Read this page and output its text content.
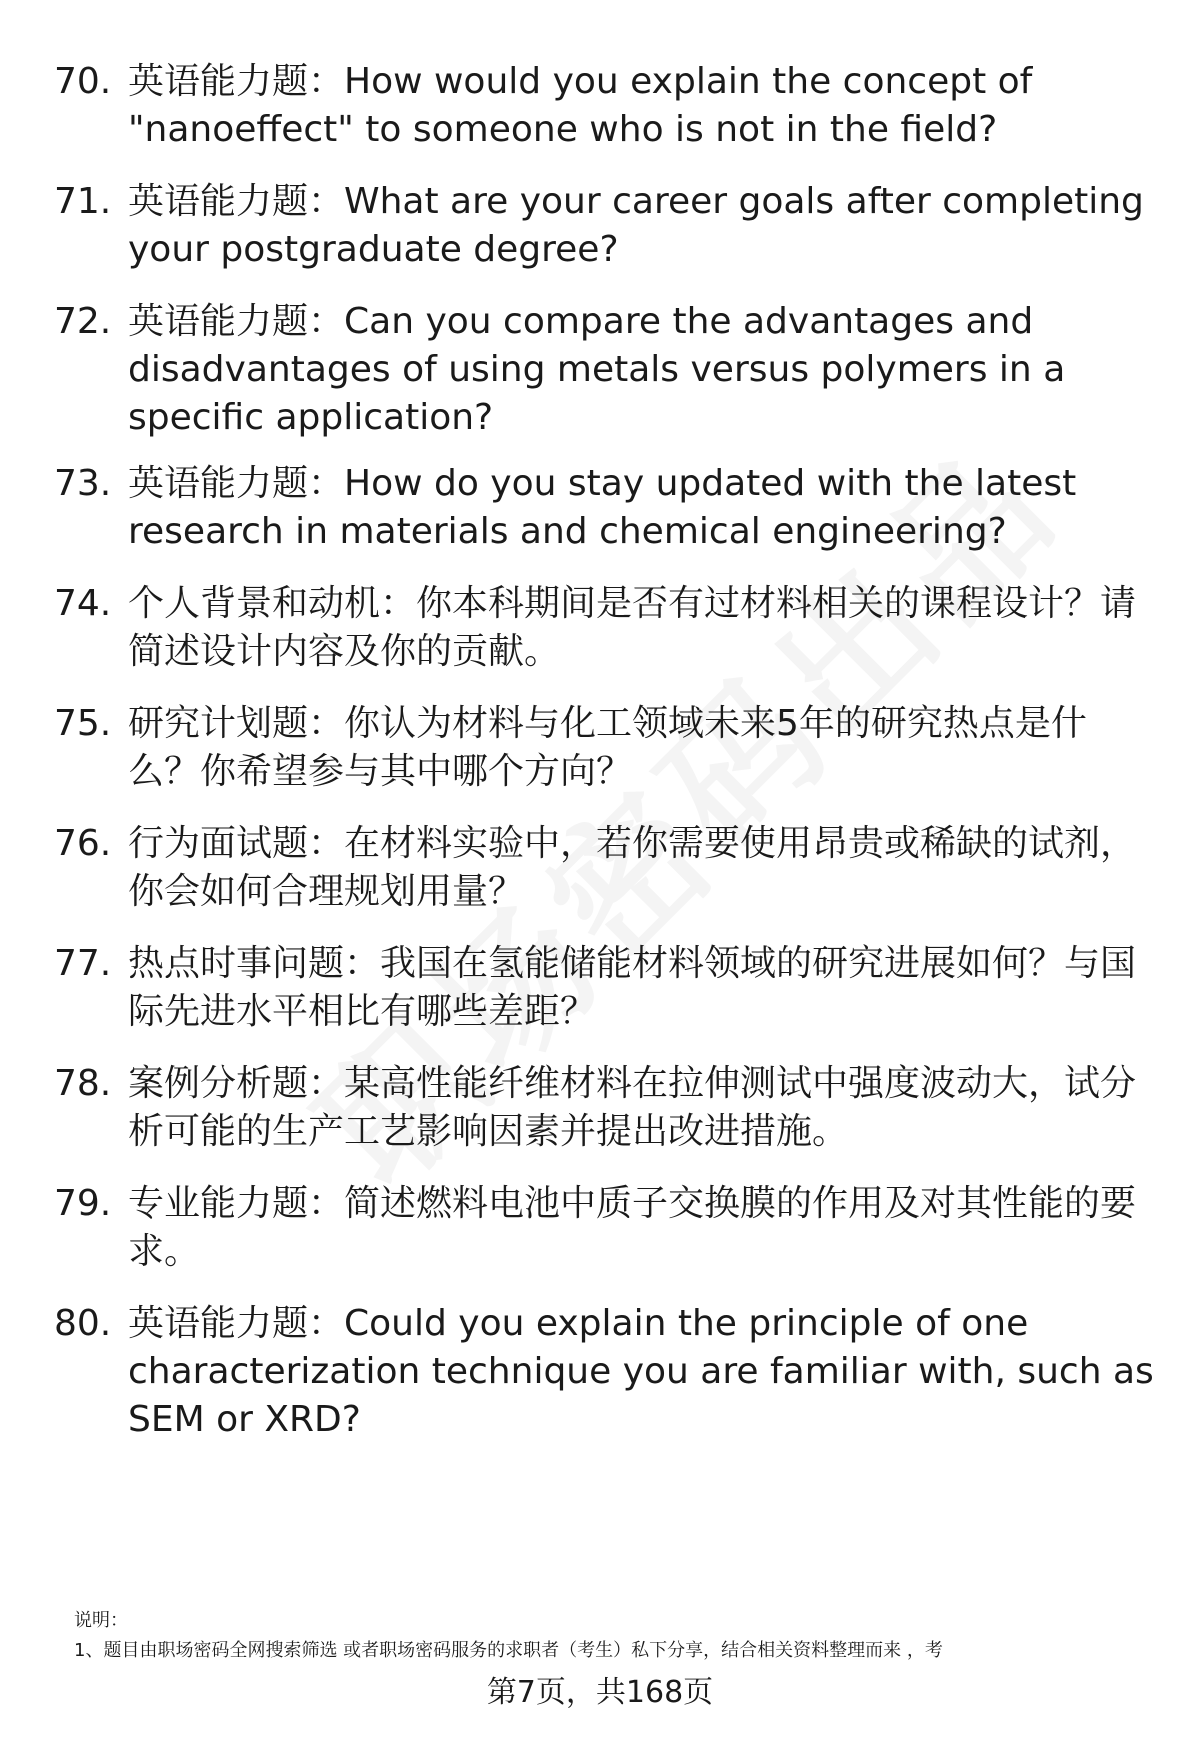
70. 英语能力题：How would you explain the concept of "nanoeffect" to someone who is not in the field?
71. 英语能力题：What are your career goals after completing your postgraduate degree?
72. 英语能力题：Can you compare the advantages and disadvantages of using metals versus polymers in a specific application?
73. 英语能力题：How do you stay updated with the latest research in materials and chemical engineering?
74. 个人背景和动机：你本科期间是否有过材料相关的课程设计？请简述设计内容及你的贡献。
75. 研究计划题：你认为材料与化工领域未来5年的研究热点是什么？你希望参与其中哪个方向？
76. 行为面试题：在材料实验中，若你需要使用昂贵或稀缺的试剂，你会如何合理规划用量？
77. 热点时事问题：我国在氢能储能材料领域的研究进展如何？与国际先进水平相比有哪些差距？
78. 案例分析题：某高性能纤维材料在拉伸测试中强度波动大，试分析可能的生产工艺影响因素并提出改进措施。
79. 专业能力题：简述燃料电池中质子交换膜的作用及对其性能的要求。
80. 英语能力题：Could you explain the principle of one characterization technique you are familiar with, such as SEM or XRD?
说明：
1、题目由职场密码全网搜索筛选 或者职场密码服务的求职者（考生）私下分享，结合相关资料整理而来 ，考
第7页，共168页
